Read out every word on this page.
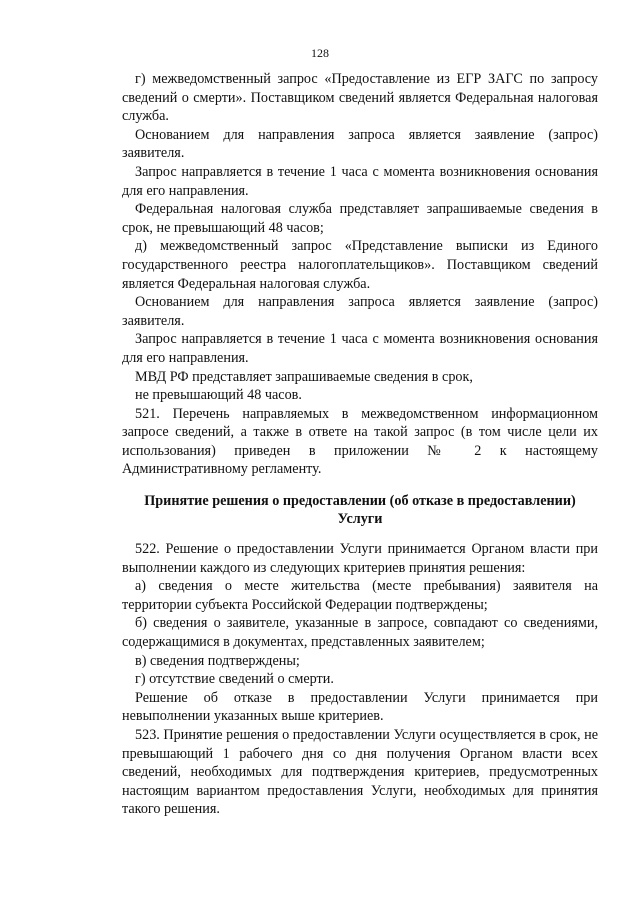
128

г) межведомственный запрос «Предоставление из ЕГР ЗАГС по запросу сведений о смерти». Поставщиком сведений является Федеральная налоговая служба.

Основанием для направления запроса является заявление (запрос) заявителя.

Запрос направляется в течение 1 часа с момента возникновения основания для его направления.

Федеральная налоговая служба представляет запрашиваемые сведения в срок, не превышающий 48 часов;

д) межведомственный запрос «Представление выписки из Единого государственного реестра налогоплательщиков». Поставщиком сведений является Федеральная налоговая служба.

Основанием для направления запроса является заявление (запрос) заявителя.

Запрос направляется в течение 1 часа с момента возникновения основания для его направления.

МВД РФ представляет запрашиваемые сведения в срок,

не превышающий 48 часов.

521. Перечень направляемых в межведомственном информационном запросе сведений, а также в ответе на такой запрос (в том числе цели их использования) приведен в приложении № 2 к настоящему Административному регламенту.

Принятие решения о предоставлении (об отказе в предоставлении) Услуги

522. Решение о предоставлении Услуги принимается Органом власти при выполнении каждого из следующих критериев принятия решения:

а) сведения о месте жительства (месте пребывания) заявителя на территории субъекта Российской Федерации подтверждены;

б) сведения о заявителе, указанные в запросе, совпадают со сведениями, содержащимися в документах, представленных заявителем;

в) сведения подтверждены;

г) отсутствие сведений о смерти.

Решение об отказе в предоставлении Услуги принимается при невыполнении указанных выше критериев.

523. Принятие решения о предоставлении Услуги осуществляется в срок, не превышающий 1 рабочего дня со дня получения Органом власти всех сведений, необходимых для подтверждения критериев, предусмотренных настоящим вариантом предоставления Услуги, необходимых для принятия такого решения.
